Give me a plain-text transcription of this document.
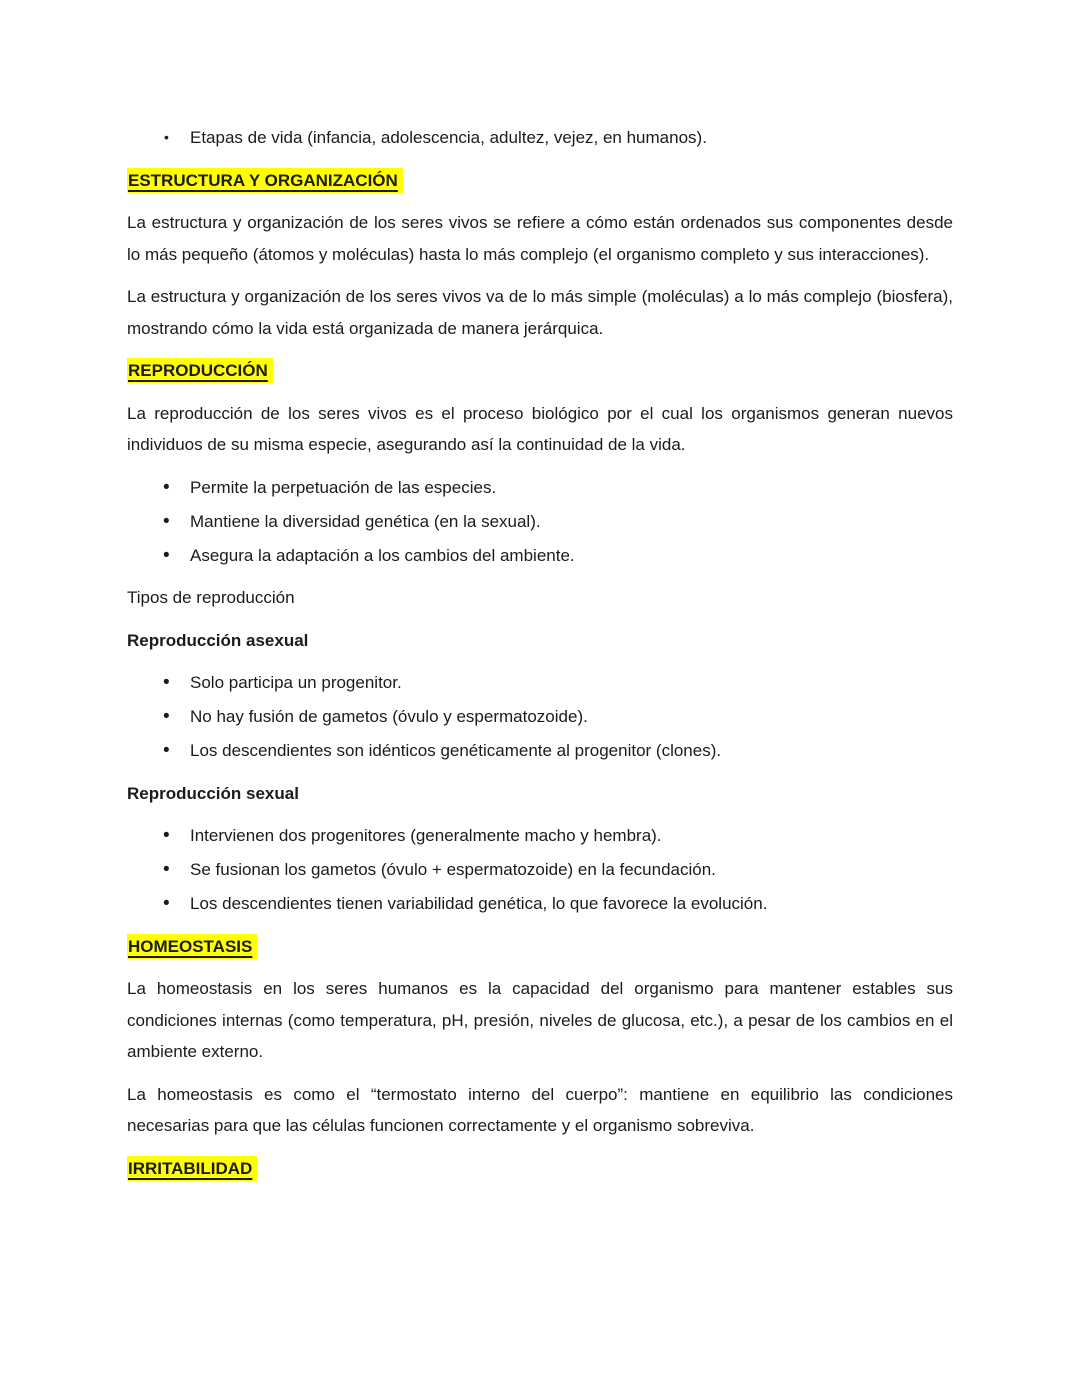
• Etapas de vida (infancia, adolescencia, adultez, vejez, en humanos).
ESTRUCTURA Y ORGANIZACIÓN

La estructura y organización de los seres vivos se refiere a cómo están ordenados sus componentes desde lo más pequeño (átomos y moléculas) hasta lo más complejo (el organismo completo y sus interacciones).

La estructura y organización de los seres vivos va de lo más simple (moléculas) a lo más complejo (biosfera), mostrando cómo la vida está organizada de manera jerárquica.

REPRODUCCIÓN

La reproducción de los seres vivos es el proceso biológico por el cual los organismos generan nuevos individuos de su misma especie, asegurando así la continuidad de la vida.

• Permite la perpetuación de las especies.
• Mantiene la diversidad genética (en la sexual).
• Asegura la adaptación a los cambios del ambiente.

Tipos de reproducción

Reproducción asexual

• Solo participa un progenitor.
• No hay fusión de gametos (óvulo y espermatozoide).
• Los descendientes son idénticos genéticamente al progenitor (clones).

Reproducción sexual

• Intervienen dos progenitores (generalmente macho y hembra).
• Se fusionan los gametos (óvulo + espermatozoide) en la fecundación.
• Los descendientes tienen variabilidad genética, lo que favorece la evolución.
HOMEOSTASIS

La homeostasis en los seres humanos es la capacidad del organismo para mantener estables sus condiciones internas (como temperatura, pH, presión, niveles de glucosa, etc.), a pesar de los cambios en el ambiente externo.

La homeostasis es como el “termostato interno del cuerpo”: mantiene en equilibrio las condiciones necesarias para que las células funcionen correctamente y el organismo sobreviva.

IRRITABILIDAD
